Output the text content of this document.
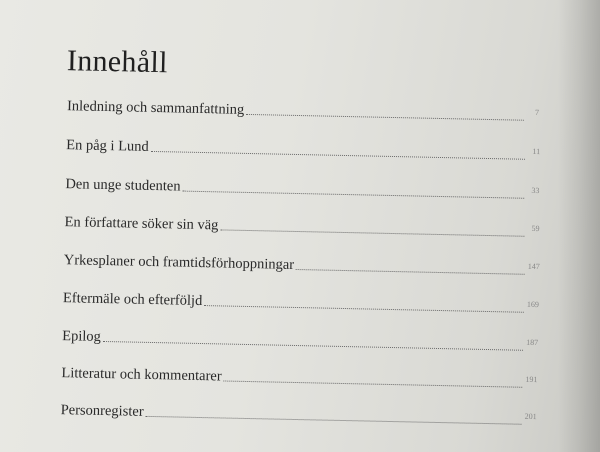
Innehåll
Inledning och sammanfattning	7
En påg i Lund	11
Den unge studenten	33
En författare söker sin väg	59
Yrkesplaner och framtidsförhoppningar	147
Eftermäle och efterföljd	169
Epilog	187
Litteratur och kommentarer	191
Personregister	201
